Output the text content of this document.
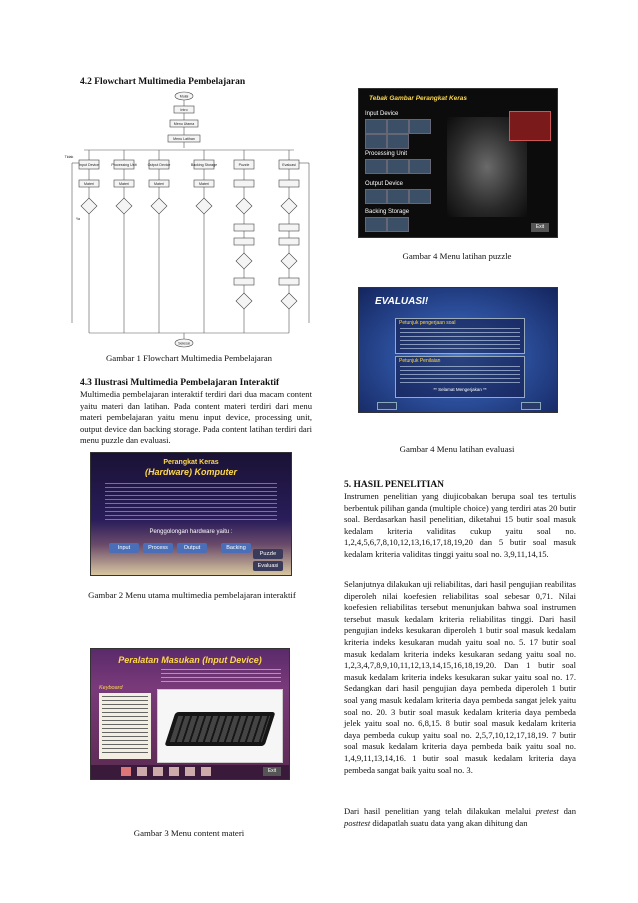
4.2 Flowchart Multimedia Pembelajaran
Mulai
Intro
Menu Utama
Menu Latihan
Input Device	Processing Unit	Output Device	Backing Storage	Puzzle	Evaluasi
Materi	Materi	Materi	Materi
Ya
Tidak
Selesai
Gambar 1 Flowchart Multimedia Pembelajaran
4.3 Ilustrasi Multimedia Pembelajaran Interaktif
Multimedia pembelajaran interaktif terdiri dari dua macam content yaitu materi dan latihan. Pada content materi terdiri dari menu materi pembelajaran yaitu menu input device, processing unit, output device dan backing storage. Pada content latihan terdiri dari menu puzzle dan evaluasi.
Perangkat Keras
(Hardware) Komputer
Penggolongan hardware yaitu :
Input	Process	Output	Backing
Puzzle
Evaluasi
Gambar 2 Menu utama multimedia pembelajaran interaktif
Peralatan Masukan (Input Device)
Keyboard
Exit
Gambar 3 Menu content materi
Tebak Gambar Perangkat Keras
Input Device
Processing Unit
Output Device
Backing Storage
Exit
Gambar 4 Menu latihan puzzle
EVALUASI!
Petunjuk pengerjaan soal
Petunjuk Penilaian
** Selamat Mengerjakan **
Gambar 4 Menu latihan evaluasi
5. HASIL PENELITIAN
Instrumen penelitian yang diujicobakan berupa soal tes tertulis berbentuk pilihan ganda (multiple choice) yang terdiri atas 20 butir soal. Berdasarkan hasil penelitian, diketahui 15 butir soal masuk kedalam kriteria validitas cukup yaitu soal no. 1,2,4,5,6,7,8,10,12,13,16,17,18,19,20 dan 5 butir soal masuk kedalam kriteria validitas tinggi yaitu soal no. 3,9,11,14,15.
Selanjutnya dilakukan uji reliabilitas, dari hasil pengujian reabilitas diperoleh nilai koefesien reliabilitas soal sebesar 0,71. Nilai koefesien reliabilitas tersebut menunjukan bahwa soal instrumen tersebut masuk kedalam kriteria reliabilitas tinggi. Dari hasil pengujian indeks kesukaran diperoleh 1 butir soal masuk kedalam kriteria indeks kesukaran mudah yaitu soal no. 5. 17 butir soal masuk kedalam kriteria indeks kesukaran sedang yaitu soal no. 1,2,3,4,7,8,9,10,11,12,13,14,15,16,18,19,20. Dan 1 butir soal masuk kedalam kriteria indeks kesukaran sukar yaitu soal no. 17. Sedangkan dari hasil pengujian daya pembeda diperoleh 1 butir soal yang masuk kedalam kriteria daya pembeda sangat jelek yaitu soal no. 20. 3 butir soal masuk kedalam kriteria daya pembeda jelek yaitu soal no. 6,8,15. 8 butir soal masuk kedalam kriteria daya pembeda cukup yaitu soal no. 2,5,7,10,12,17,18,19. 7 butir soal masuk kedalam kriteria daya pembeda baik yaitu soal no. 1,4,9,11,13,14,16. 1 butir soal masuk kedalam kriteria daya pembeda sangat baik yaitu soal no. 3.
Dari hasil penelitian yang telah dilakukan melalui pretest dan posttest didapatlah suatu data yang akan dihitung dan
